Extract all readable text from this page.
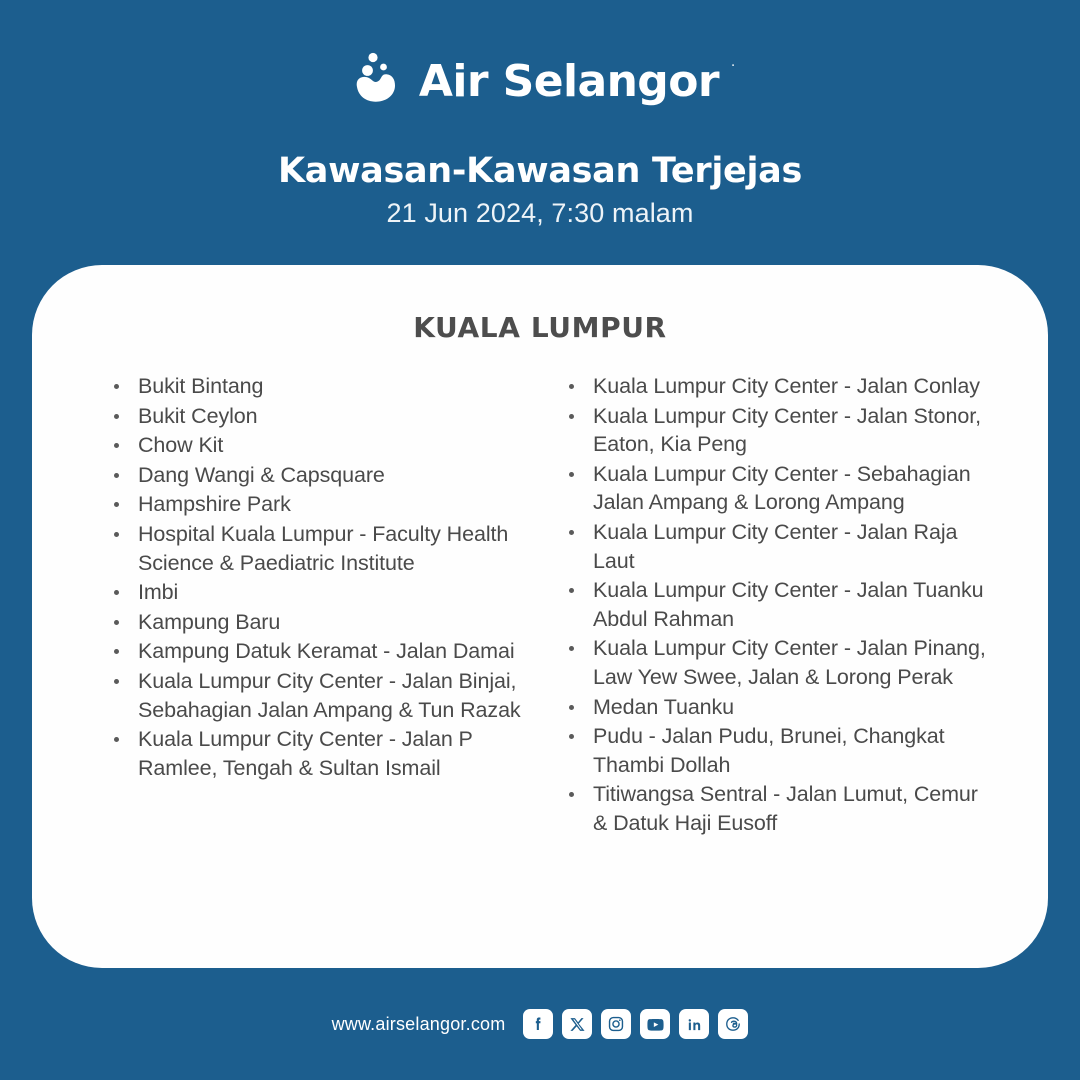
Air Selangor ·
Kawasan-Kawasan Terjejas

21 Jun 2024, 7:30 malam

KUALA LUMPUR
Bukit Bintang
Bukit Ceylon
Chow Kit
Dang Wangi & Capsquare
Hampshire Park
Hospital Kuala Lumpur - Faculty Health Science & Paediatric Institute
Imbi
Kampung Baru
Kampung Datuk Keramat - Jalan Damai
Kuala Lumpur City Center - Jalan Binjai, Sebahagian Jalan Ampang & Tun Razak
Kuala Lumpur City Center - Jalan P Ramlee, Tengah & Sultan Ismail
Kuala Lumpur City Center - Jalan Conlay
Kuala Lumpur City Center - Jalan Stonor, Eaton, Kia Peng
Kuala Lumpur City Center - Sebahagian Jalan Ampang & Lorong Ampang
Kuala Lumpur City Center - Jalan Raja Laut
Kuala Lumpur City Center - Jalan Tuanku Abdul Rahman
Kuala Lumpur City Center - Jalan Pinang, Law Yew Swee, Jalan & Lorong Perak
Medan Tuanku
Pudu - Jalan Pudu, Brunei, Changkat Thambi Dollah
Titiwangsa Sentral - Jalan Lumut, Cemur & Datuk Haji Eusoff
www.airselangor.com
